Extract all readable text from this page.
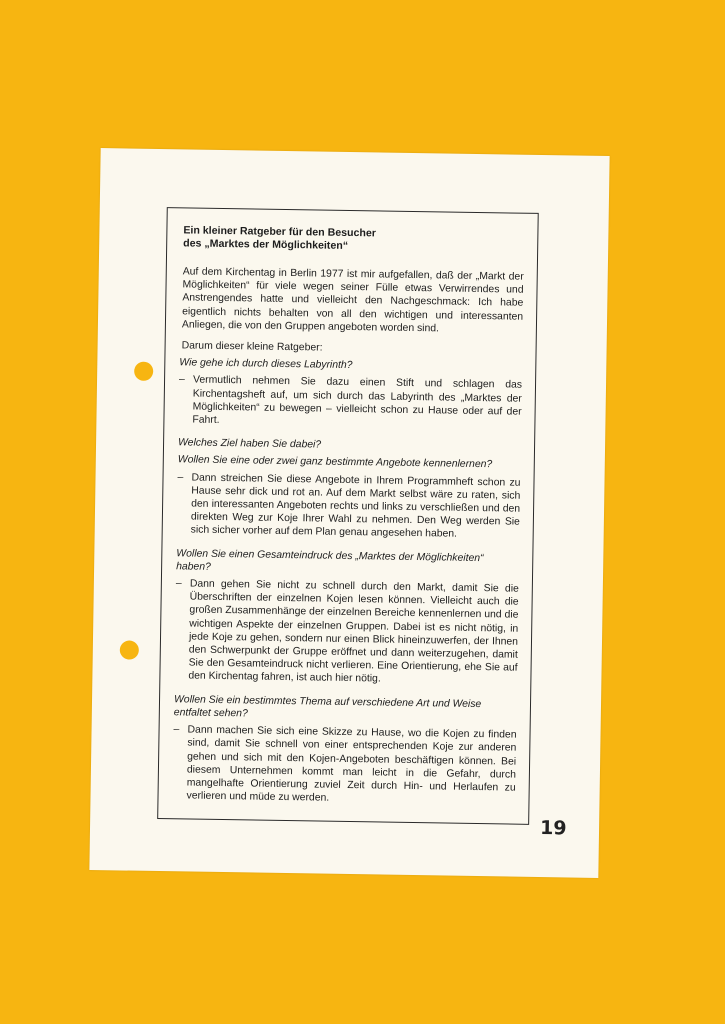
Ein kleiner Ratgeber für den Besucher
des „Marktes der Möglichkeiten“
Auf dem Kirchentag in Berlin 1977 ist mir aufgefallen, daß der „Markt der Möglichkeiten“ für viele wegen seiner Fülle etwas Verwirrendes und Anstrengendes hatte und vielleicht den Nachgeschmack: Ich habe eigentlich nichts behalten von all den wichtigen und interessanten Anliegen, die von den Gruppen angeboten worden sind.
Darum dieser kleine Ratgeber:
Wie gehe ich durch dieses Labyrinth?
– Vermutlich nehmen Sie dazu einen Stift und schlagen das Kirchentagsheft auf, um sich durch das Labyrinth des „Marktes der Möglichkeiten“ zu bewegen – vielleicht schon zu Hause oder auf der Fahrt.
Welches Ziel haben Sie dabei?
Wollen Sie eine oder zwei ganz bestimmte Angebote kennenlernen?
– Dann streichen Sie diese Angebote in Ihrem Programmheft schon zu Hause sehr dick und rot an. Auf dem Markt selbst wäre zu raten, sich den interessanten Angeboten rechts und links zu verschließen und den direkten Weg zur Koje Ihrer Wahl zu nehmen. Den Weg werden Sie sich sicher vorher auf dem Plan genau angesehen haben.
Wollen Sie einen Gesamteindruck des „Marktes der Möglichkeiten“ haben?
– Dann gehen Sie nicht zu schnell durch den Markt, damit Sie die Überschriften der einzelnen Kojen lesen können. Vielleicht auch die großen Zusammenhänge der einzelnen Bereiche kennenlernen und die wichtigen Aspekte der einzelnen Gruppen. Dabei ist es nicht nötig, in jede Koje zu gehen, sondern nur einen Blick hineinzuwerfen, der Ihnen den Schwerpunkt der Gruppe eröffnet und dann weiterzugehen, damit Sie den Gesamteindruck nicht verlieren. Eine Orientierung, ehe Sie auf den Kirchentag fahren, ist auch hier nötig.
Wollen Sie ein bestimmtes Thema auf verschiedene Art und Weise entfaltet sehen?
– Dann machen Sie sich eine Skizze zu Hause, wo die Kojen zu finden sind, damit Sie schnell von einer entsprechenden Koje zur anderen gehen und sich mit den Kojen-Angeboten beschäftigen können. Bei diesem Unternehmen kommt man leicht in die Gefahr, durch mangelhafte Orientierung zuviel Zeit durch Hin- und Herlaufen zu verlieren und müde zu werden.
19
